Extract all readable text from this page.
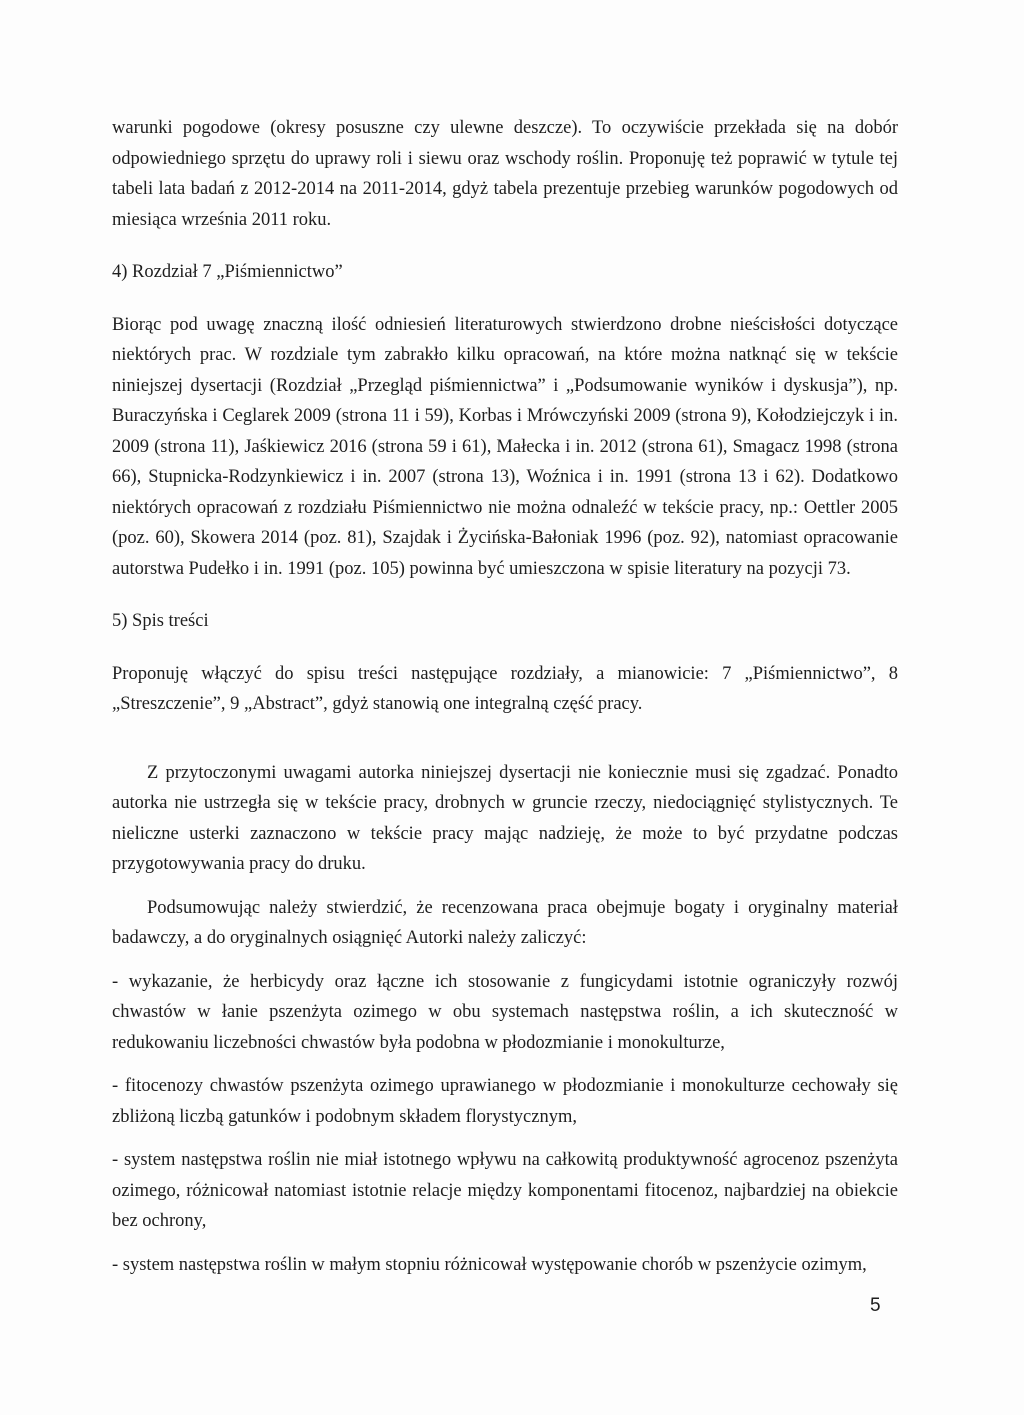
warunki pogodowe (okresy posuszne czy ulewne deszcze). To oczywiście przekłada się na dobór odpowiedniego sprzętu do uprawy roli i siewu oraz wschody roślin. Proponuję też poprawić w tytule tej tabeli lata badań z 2012-2014 na 2011-2014, gdyż tabela prezentuje przebieg warunków pogodowych od miesiąca września 2011 roku.

4) Rozdział 7 „Piśmiennictwo”

Biorąc pod uwagę znaczną ilość odniesień literaturowych stwierdzono drobne nieścisłości dotyczące niektórych prac. W rozdziale tym zabrakło kilku opracowań, na które można natknąć się w tekście niniejszej dysertacji (Rozdział „Przegląd piśmiennictwa” i „Podsumowanie wyników i dyskusja”), np. Buraczyńska i Ceglarek 2009 (strona 11 i 59), Korbas i Mrówczyński 2009 (strona 9), Kołodziejczyk i in. 2009 (strona 11), Jaśkiewicz 2016 (strona 59 i 61), Małecka i in. 2012 (strona 61), Smagacz 1998 (strona 66), Stupnicka-Rodzynkiewicz i in. 2007 (strona 13), Woźnica i in. 1991 (strona 13 i 62). Dodatkowo niektórych opracowań z rozdziału Piśmiennictwo nie można odnaleźć w tekście pracy, np.: Oettler 2005 (poz. 60), Skowera 2014 (poz. 81), Szajdak i Życińska-Bałoniak 1996 (poz. 92), natomiast opracowanie autorstwa Pudełko i in. 1991 (poz. 105) powinna być umieszczona w spisie literatury na pozycji 73.

5) Spis treści

Proponuję włączyć do spisu treści następujące rozdziały, a mianowicie: 7 „Piśmiennictwo”, 8 „Streszczenie”, 9 „Abstract”, gdyż stanowią one integralną część pracy.

Z przytoczonymi uwagami autorka niniejszej dysertacji nie koniecznie musi się zgadzać. Ponadto autorka nie ustrzegła się w tekście pracy, drobnych w gruncie rzeczy, niedociągnięć stylistycznych. Te nieliczne usterki zaznaczono w tekście pracy mając nadzieję, że może to być przydatne podczas przygotowywania pracy do druku.

Podsumowując należy stwierdzić, że recenzowana praca obejmuje bogaty i oryginalny materiał badawczy, a do oryginalnych osiągnięć Autorki należy zaliczyć:

- wykazanie, że herbicydy oraz łączne ich stosowanie z fungicydami istotnie ograniczyły rozwój chwastów w łanie pszenżyta ozimego w obu systemach następstwa roślin, a ich skuteczność w redukowaniu liczebności chwastów była podobna w płodozmianie i monokulturze,

- fitocenozy chwastów pszenżyta ozimego uprawianego w płodozmianie i monokulturze cechowały się zbliżoną liczbą gatunków i podobnym składem florystycznym,

- system następstwa roślin nie miał istotnego wpływu na całkowitą produktywność agrocenoz pszenżyta ozimego, różnicował natomiast istotnie relacje między komponentami fitocenoz, najbardziej na obiekcie bez ochrony,

- system następstwa roślin w małym stopniu różnicował występowanie chorób w pszenżycie ozimym,

5
